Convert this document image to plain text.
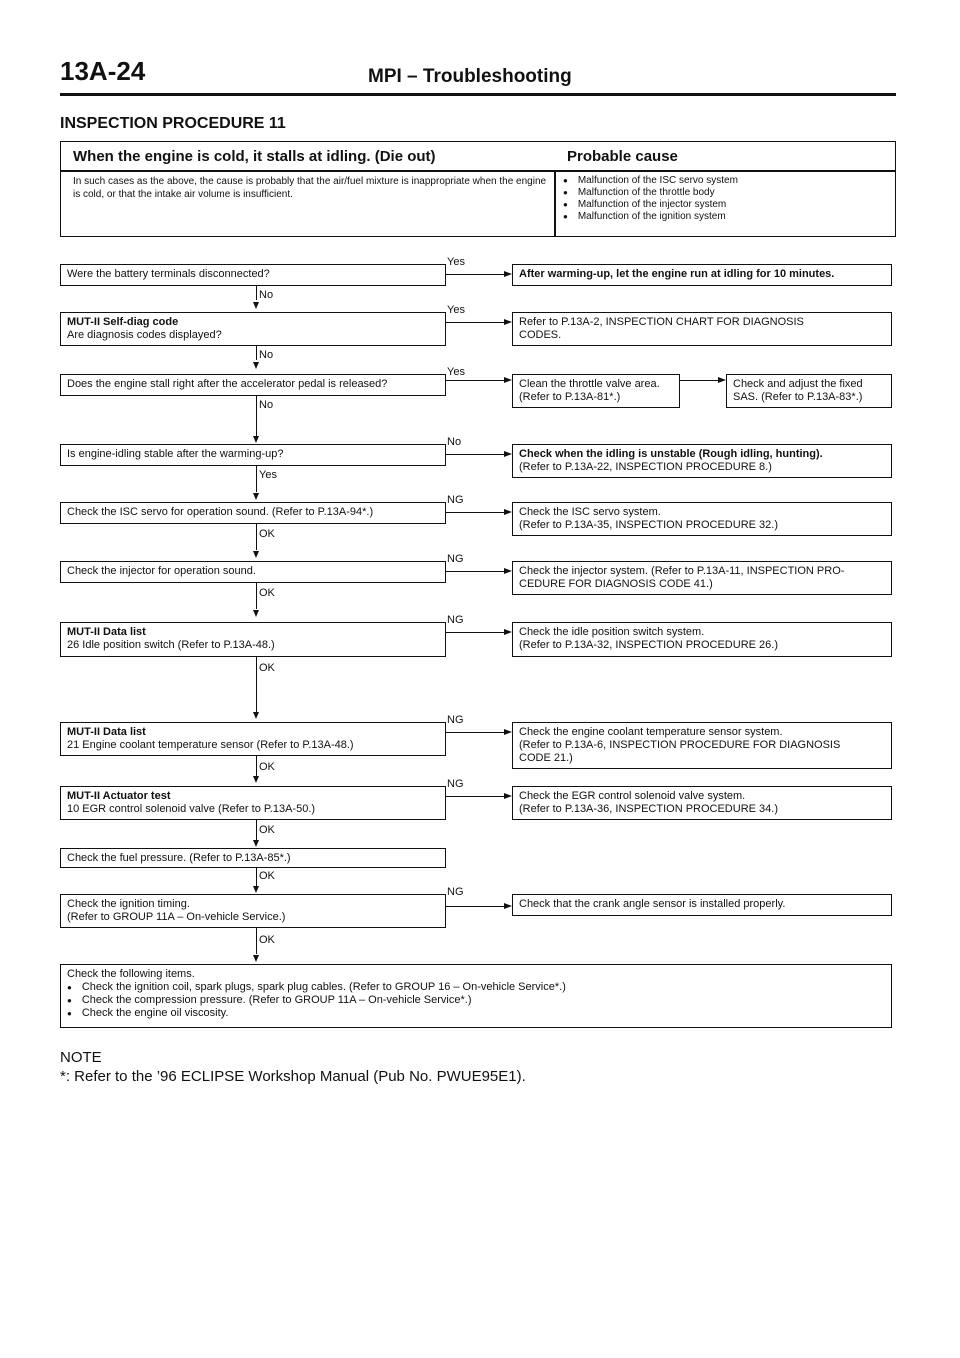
13A-24	MPI – Troubleshooting
INSPECTION PROCEDURE 11
When the engine is cold, it stalls at idling. (Die out)	Probable cause
In such cases as the above, the cause is probably that the air/fuel mixture is inappropriate when the engine is cold, or that the intake air volume is insufficient.
● Malfunction of the ISC servo system
● Malfunction of the throttle body
● Malfunction of the injector system
● Malfunction of the ignition system
Were the battery terminals disconnected?
Yes
No
After warming-up, let the engine run at idling for 10 minutes.
MUT-II Self-diag code
Are diagnosis codes displayed?
Yes
No
Refer to P.13A-2, INSPECTION CHART FOR DIAGNOSIS
CODES.
Does the engine stall right after the accelerator pedal is released?
Yes
No
Clean the throttle valve area.
(Refer to P.13A-81*.)
Check and adjust the fixed
SAS. (Refer to P.13A-83*.)
Is engine-idling stable after the warming-up?
No
Yes
Check when the idling is unstable (Rough idling, hunting).
(Refer to P.13A-22, INSPECTION PROCEDURE 8.)
Check the ISC servo for operation sound. (Refer to P.13A-94*.)
NG
OK
Check the ISC servo system.
(Refer to P.13A-35, INSPECTION PROCEDURE 32.)
Check the injector for operation sound.
NG
OK
Check the injector system. (Refer to P.13A-11, INSPECTION PRO-
CEDURE FOR DIAGNOSIS CODE 41.)
MUT-II Data list
26 Idle position switch (Refer to P.13A-48.)
NG
OK
Check the idle position switch system.
(Refer to P.13A-32, INSPECTION PROCEDURE 26.)
MUT-II Data list
21 Engine coolant temperature sensor (Refer to P.13A-48.)
NG
OK
Check the engine coolant temperature sensor system.
(Refer to P.13A-6, INSPECTION PROCEDURE FOR DIAGNOSIS
CODE 21.)
MUT-II Actuator test
10 EGR control solenoid valve (Refer to P.13A-50.)
NG
OK
Check the EGR control solenoid valve system.
(Refer to P.13A-36, INSPECTION PROCEDURE 34.)
Check the fuel pressure. (Refer to P.13A-85*.)
OK
Check the ignition timing.
(Refer to GROUP 11A – On-vehicle Service.)
NG
OK
Check that the crank angle sensor is installed properly.
Check the following items.
● Check the ignition coil, spark plugs, spark plug cables. (Refer to GROUP 16 – On-vehicle Service*.)
● Check the compression pressure. (Refer to GROUP 11A – On-vehicle Service*.)
● Check the engine oil viscosity.
NOTE
*: Refer to the ’96 ECLIPSE Workshop Manual (Pub No. PWUE95E1).
